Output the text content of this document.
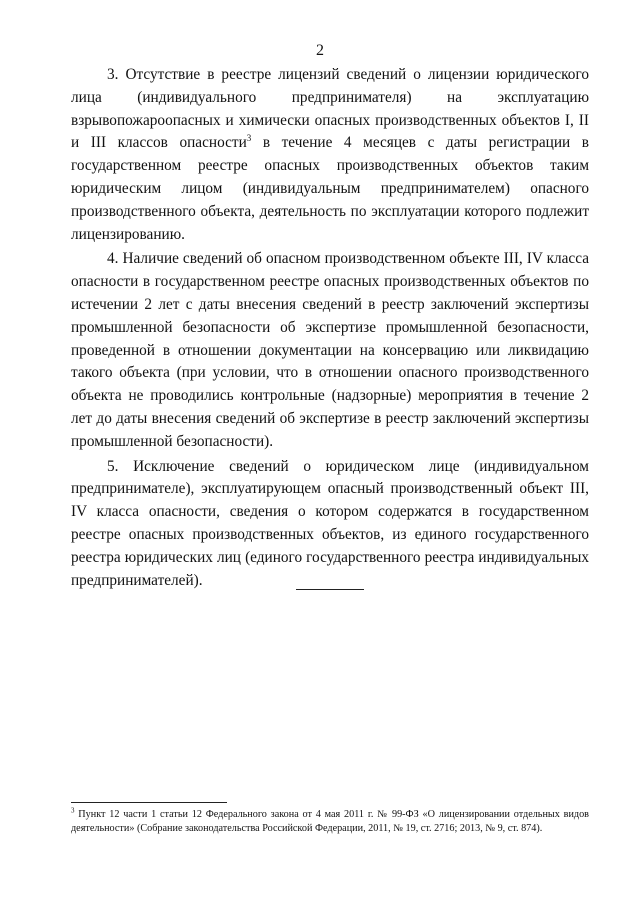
2

3. Отсутствие в реестре лицензий сведений о лицензии юридического лица (индивидуального предпринимателя) на эксплуатацию взрывопожароопасных и химически опасных производственных объектов I, II и III классов опасности$^3$ в течение 4 месяцев с даты регистрации в государственном реестре опасных производственных объектов таким юридическим лицом (индивидуальным предпринимателем) опасного производственного объекта, деятельность по эксплуатации которого подлежит лицензированию.

4. Наличие сведений об опасном производственном объекте III, IV класса опасности в государственном реестре опасных производственных объектов по истечении 2 лет с даты внесения сведений в реестр заключений экспертизы промышленной безопасности об экспертизе промышленной безопасности, проведенной в отношении документации на консервацию или ликвидацию такого объекта (при условии, что в отношении опасного производственного объекта не проводились контрольные (надзорные) мероприятия в течение 2 лет до даты внесения сведений об экспертизе в реестр заключений экспертизы промышленной безопасности).

5. Исключение сведений о юридическом лице (индивидуальном предпринимателе), эксплуатирующем опасный производственный объект III, IV класса опасности, сведения о котором содержатся в государственном реестре опасных производственных объектов, из единого государственного реестра юридических лиц (единого государственного реестра индивидуальных предпринимателей).

$^3$ Пункт 12 части 1 статьи 12 Федерального закона от 4 мая 2011 г. № 99-ФЗ «О лицензировании отдельных видов деятельности» (Собрание законодательства Российской Федерации, 2011, № 19, ст. 2716; 2013, № 9, ст. 874).
